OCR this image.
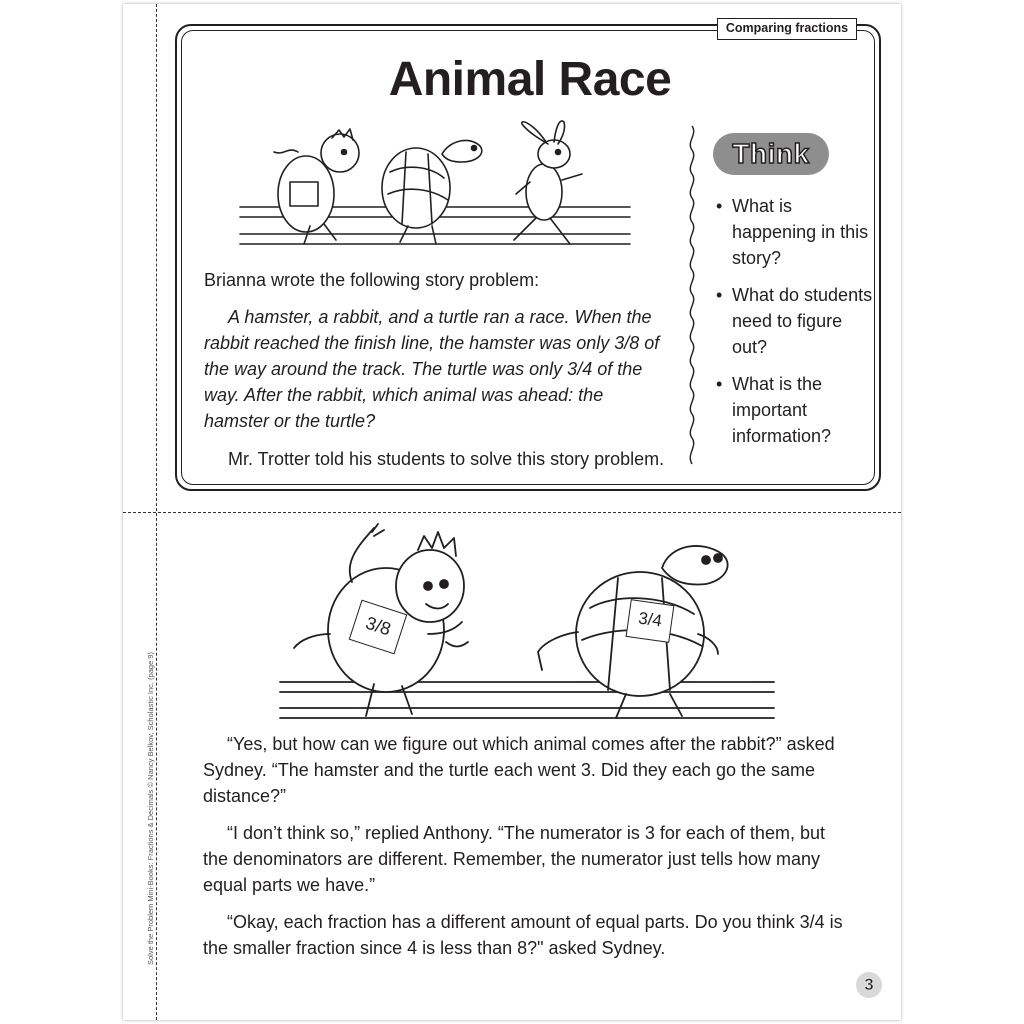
Solve the Problem Mini-Books: Fractions & Decimals © Nancy Belkov, Scholastic Inc. (page 9)
Comparing fractions
Animal Race
Think
• What is happening in this story?
• What do students need to figure out?
• What is the important information?
Brianna wrote the following story problem:
A hamster, a rabbit, and a turtle ran a race. When the rabbit reached the finish line, the hamster was only 3/8 of the way around the track. The turtle was only 3/4 of the way. After the rabbit, which animal was ahead: the hamster or the turtle?
Mr. Trotter told his students to solve this story problem.
3/8	3/4
“Yes, but how can we figure out which animal comes after the rabbit?” asked Sydney. “The hamster and the turtle each went 3. Did they each go the same distance?”
“I don’t think so,” replied Anthony. “The numerator is 3 for each of them, but the denominators are different. Remember, the numerator just tells how many equal parts we have.”
“Okay, each fraction has a different amount of equal parts. Do you think 3/4 is the smaller fraction since 4 is less than 8?" asked Sydney.
3
